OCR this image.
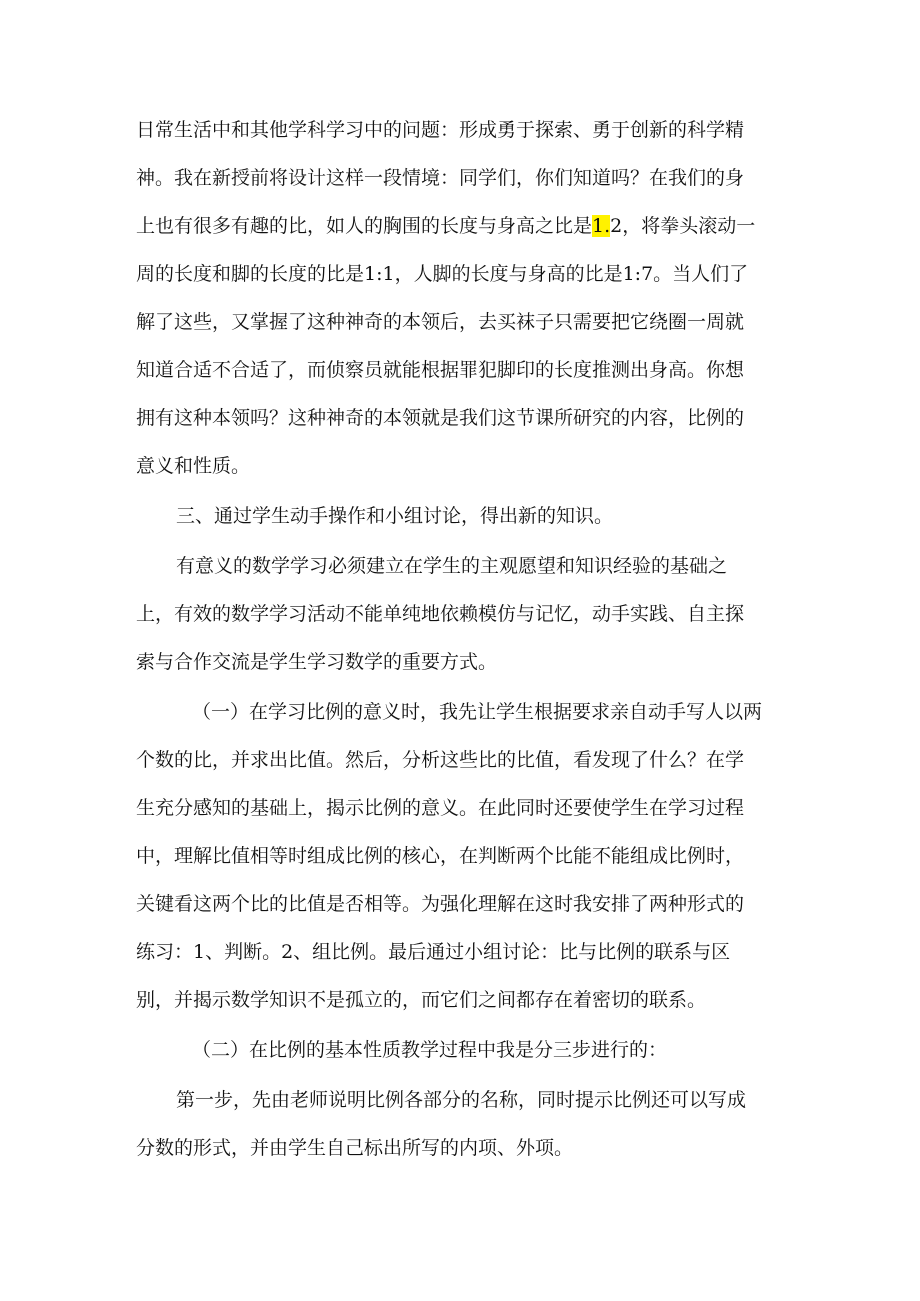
日常生活中和其他学科学习中的问题：形成勇于探索、勇于创新的科学精
神。我在新授前将设计这样一段情境：同学们，你们知道吗？在我们的身
上也有很多有趣的比，如人的胸围的长度与身高之比是1.2，将拳头滚动一
周的长度和脚的长度的比是1:1，人脚的长度与身高的比是1:7。当人们了
解了这些，又掌握了这种神奇的本领后，去买袜子只需要把它绕圈一周就
知道合适不合适了，而侦察员就能根据罪犯脚印的长度推测出身高。你想
拥有这种本领吗？这种神奇的本领就是我们这节课所研究的内容，比例的
意义和性质。
三、通过学生动手操作和小组讨论，得出新的知识。
有意义的数学学习必须建立在学生的主观愿望和知识经验的基础之
上，有效的数学学习活动不能单纯地依赖模仿与记忆，动手实践、自主探
索与合作交流是学生学习数学的重要方式。
（一）在学习比例的意义时，我先让学生根据要求亲自动手写人以两
个数的比，并求出比值。然后，分析这些比的比值，看发现了什么？在学
生充分感知的基础上，揭示比例的意义。在此同时还要使学生在学习过程
中，理解比值相等时组成比例的核心，在判断两个比能不能组成比例时，
关键看这两个比的比值是否相等。为强化理解在这时我安排了两种形式的
练习：1、判断。2、组比例。最后通过小组讨论：比与比例的联系与区
别，并揭示数学知识不是孤立的，而它们之间都存在着密切的联系。
（二）在比例的基本性质教学过程中我是分三步进行的：
第一步，先由老师说明比例各部分的名称，同时提示比例还可以写成
分数的形式，并由学生自己标出所写的内项、外项。
